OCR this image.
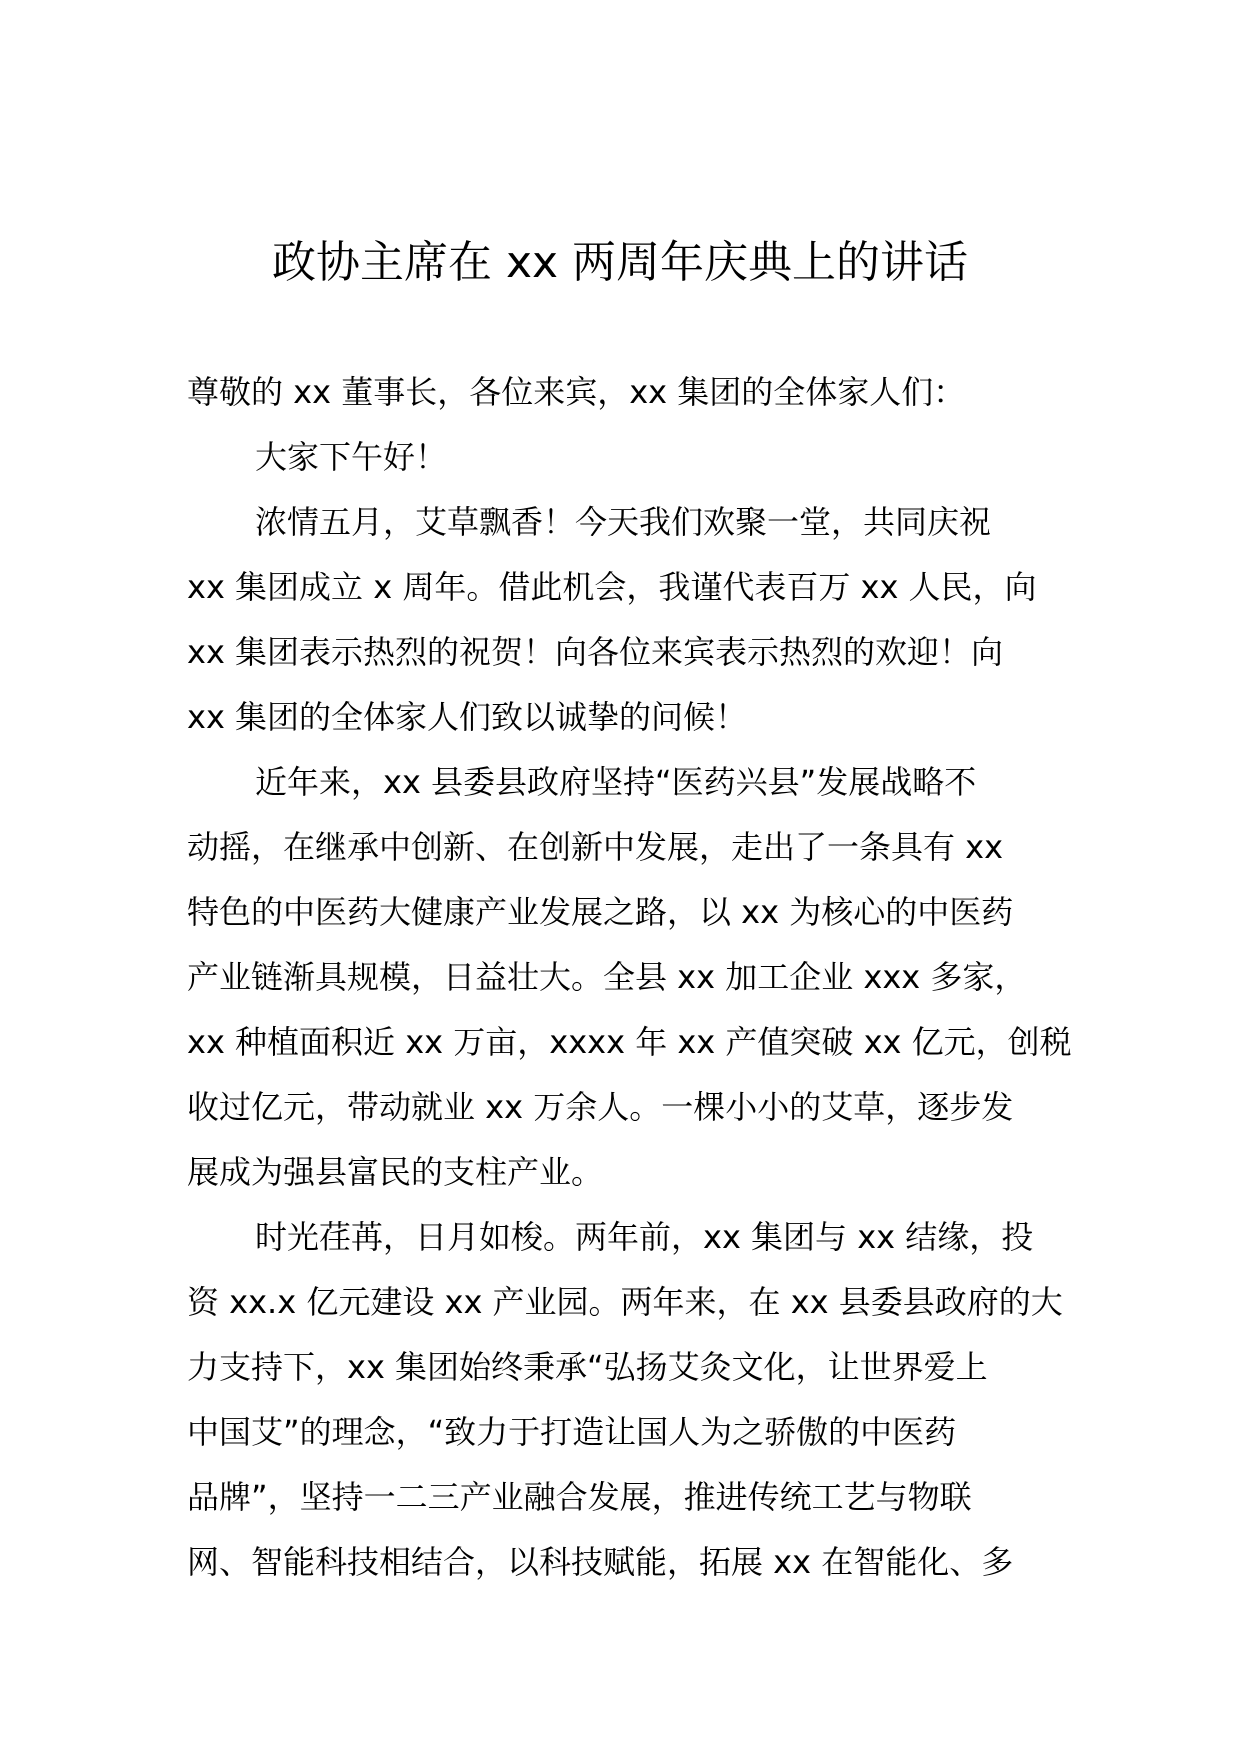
政协主席在 xx 两周年庆典上的讲话
尊敬的 xx 董事长，各位来宾，xx 集团的全体家人们：
大家下午好！
浓情五月，艾草飘香！今天我们欢聚一堂，共同庆祝
xx 集团成立 x 周年。借此机会，我谨代表百万 xx 人民，向
xx 集团表示热烈的祝贺！向各位来宾表示热烈的欢迎！向
xx 集团的全体家人们致以诚挚的问候！
近年来，xx 县委县政府坚持“医药兴县”发展战略不
动摇，在继承中创新、在创新中发展，走出了一条具有 xx
特色的中医药大健康产业发展之路，以 xx 为核心的中医药
产业链渐具规模，日益壮大。全县 xx 加工企业 xxx 多家，
xx 种植面积近 xx 万亩，xxxx 年 xx 产值突破 xx 亿元，创税
收过亿元，带动就业 xx 万余人。一棵小小的艾草，逐步发
展成为强县富民的支柱产业。
时光荏苒，日月如梭。两年前，xx 集团与 xx 结缘，投
资 xx.x 亿元建设 xx 产业园。两年来，在 xx 县委县政府的大
力支持下，xx 集团始终秉承“弘扬艾灸文化，让世界爱上
中国艾”的理念，“致力于打造让国人为之骄傲的中医药
品牌”，坚持一二三产业融合发展，推进传统工艺与物联
网、智能科技相结合，以科技赋能，拓展 xx 在智能化、多
